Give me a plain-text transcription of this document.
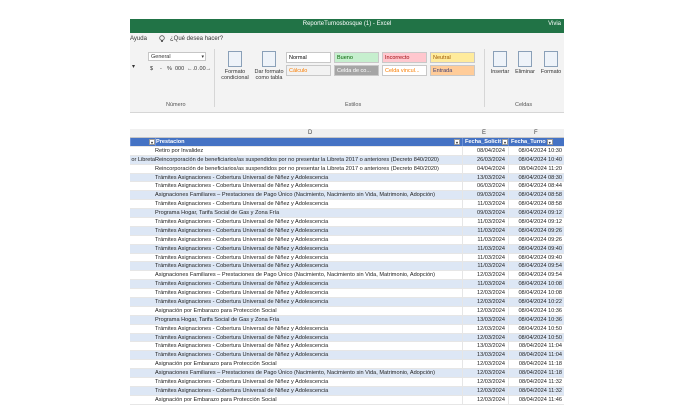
ReporteTurnosbosque (1) - Excel	Vivia
Ayuda	¿Qué desea hacer?
▾
General	▾
$ - % 000 ←.0 .00→
Número
Formato condicional
Dar formato como tabla
Normal	Bueno	Incorrecto	Neutral
Cálculo	Celda de co...	Celda vincul...	Entrada
Estilos
Insertar	Eliminar	Formato
Celdas
D	E	F
▾ Prestacion	▾	Fecha_Solicit ▾ Fecha_Turno ▾
Retiro por Invalidez	08/04/2024	08/04/2024 10:30
or Libreta Reincorporación de beneficiarios/as suspendidos por no presentar la Libreta 2017 o anteriores (Decreto 840/2020)	26/03/2024	08/04/2024 10:40
Reincorporación de beneficiarios/as suspendidos por no presentar la Libreta 2017 o anteriores (Decreto 840/2020)	04/04/2024	08/04/2024 11:20
Trámites Asignaciones - Cobertura Universal de Niñez y Adolescencia	13/03/2024	08/04/2024 08:30
Trámites Asignaciones - Cobertura Universal de Niñez y Adolescencia	06/03/2024	08/04/2024 08:44
Asignaciones Familiares – Prestaciones de Pago Único (Nacimiento, Nacimiento sin Vida, Matrimonio, Adopción)	09/03/2024	08/04/2024 08:58
Trámites Asignaciones - Cobertura Universal de Niñez y Adolescencia	11/03/2024	08/04/2024 08:58
Programa Hogar, Tarifa Social de Gas y Zona Fría	09/03/2024	08/04/2024 09:12
Trámites Asignaciones - Cobertura Universal de Niñez y Adolescencia	11/03/2024	08/04/2024 09:12
Trámites Asignaciones - Cobertura Universal de Niñez y Adolescencia	11/03/2024	08/04/2024 09:26
Trámites Asignaciones - Cobertura Universal de Niñez y Adolescencia	11/03/2024	08/04/2024 09:26
Trámites Asignaciones - Cobertura Universal de Niñez y Adolescencia	11/03/2024	08/04/2024 09:40
Trámites Asignaciones - Cobertura Universal de Niñez y Adolescencia	11/03/2024	08/04/2024 09:40
Trámites Asignaciones - Cobertura Universal de Niñez y Adolescencia	11/03/2024	08/04/2024 09:54
Asignaciones Familiares – Prestaciones de Pago Único (Nacimiento, Nacimiento sin Vida, Matrimonio, Adopción)	12/03/2024	08/04/2024 09:54
Trámites Asignaciones - Cobertura Universal de Niñez y Adolescencia	11/03/2024	08/04/2024 10:08
Trámites Asignaciones - Cobertura Universal de Niñez y Adolescencia	12/03/2024	08/04/2024 10:08
Trámites Asignaciones - Cobertura Universal de Niñez y Adolescencia	12/03/2024	08/04/2024 10:22
Asignación por Embarazo para Protección Social	12/03/2024	08/04/2024 10:36
Programa Hogar, Tarifa Social de Gas y Zona Fría	13/03/2024	08/04/2024 10:36
Trámites Asignaciones - Cobertura Universal de Niñez y Adolescencia	12/03/2024	08/04/2024 10:50
Trámites Asignaciones - Cobertura Universal de Niñez y Adolescencia	12/03/2024	08/04/2024 10:50
Trámites Asignaciones - Cobertura Universal de Niñez y Adolescencia	13/03/2024	08/04/2024 11:04
Trámites Asignaciones - Cobertura Universal de Niñez y Adolescencia	13/03/2024	08/04/2024 11:04
Asignación por Embarazo para Protección Social	12/03/2024	08/04/2024 11:18
Asignaciones Familiares – Prestaciones de Pago Único (Nacimiento, Nacimiento sin Vida, Matrimonio, Adopción)	12/03/2024	08/04/2024 11:18
Trámites Asignaciones - Cobertura Universal de Niñez y Adolescencia	12/03/2024	08/04/2024 11:32
Trámites Asignaciones - Cobertura Universal de Niñez y Adolescencia	12/03/2024	08/04/2024 11:32
Asignación por Embarazo para Protección Social	12/03/2024	08/04/2024 11:46
